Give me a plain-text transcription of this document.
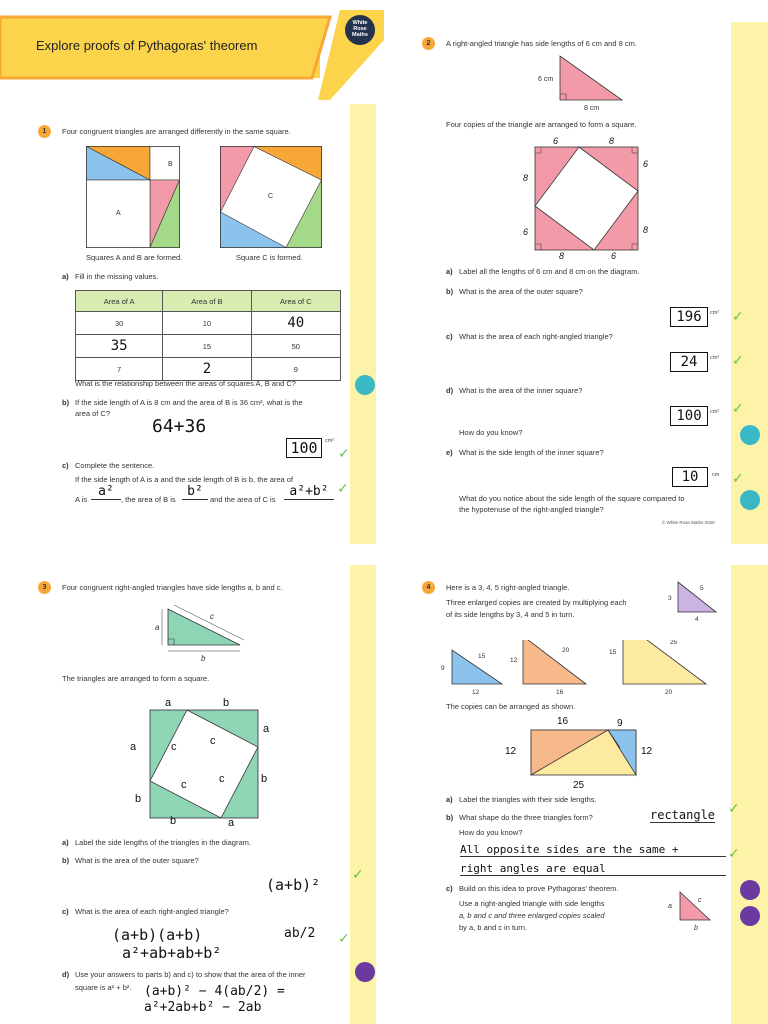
Explore proofs of Pythagoras' theorem
White
Rose
Maths
1	Four congruent triangles are arranged differently in the same square.
B
A
C
Squares A and B are formed.	Square C is formed.
a) Fill in the missing values.
Area of A	Area of B	Area of C
30	10	40
35	15	50
7	2	9
What is the relationship between the areas of squares A, B and C?
b) If the side length of A is 8 cm and the area of B is 36 cm², what is the
area of C?
64+36
100	cm²
✓
c) Complete the sentence.
If the side length of A is a and the side length of B is b, the area of
A is
a²
, the area of B is
b²
and the area of C is
a²+b² ✓
2	A right-angled triangle has side lengths of 6 cm and 8 cm.
6 cm
8 cm
Four copies of the triangle are arranged to form a square.
6	8
6
8
6
8
8	6
a) Label all the lengths of 6 cm and 8 cm on the diagram.
b) What is the area of the outer square?
196	cm² ✓
c) What is the area of each right-angled triangle?
24	cm² ✓
d) What is the area of the inner square?
100	cm² ✓
How do you know?
e) What is the side length of the inner square?
10	cm ✓
What do you notice about the side length of the square compared to
the hypotenuse of the right-angled triangle?
© White Rose Maths 2020
3	Four congruent right-angled triangles have side lengths a, b and c.
a
b
c
The triangles are arranged to form a square.
a	b
a
b
a
b
b	a
c	c
c	c
a) Label the side lengths of the triangles in the diagram.
b) What is the area of the outer square?
(a+b)²
✓
c) What is the area of each right-angled triangle?
(a+b)(a+b)
a²+ab+ab+b²
ab/2 ✓
d) Use your answers to parts b) and c) to show that the area of the inner
square is a² + b². (a+b)² − 4(ab/2) =
a²+2ab+b² − 2ab
4	Here is a 3, 4, 5 right-angled triangle.
Three enlarged copies are created by multiplying each
of its side lengths by 3, 4 and 5 in turn.
3
4
5
9
12
15
12
16
20	15
20
25
The copies can be arranged as shown.
16	9
12	12
25
a) Label the triangles with their side lengths.
b) What shape do the three triangles form?	rectangle ✓
How do you know?
All opposite sides are the same +
right angles are equal
✓
c) Build on this idea to prove Pythagoras' theorem.
Use a right-angled triangle with side lengths
a, b and c and three enlarged copies scaled
by a, b and c in turn.
a
b
c
